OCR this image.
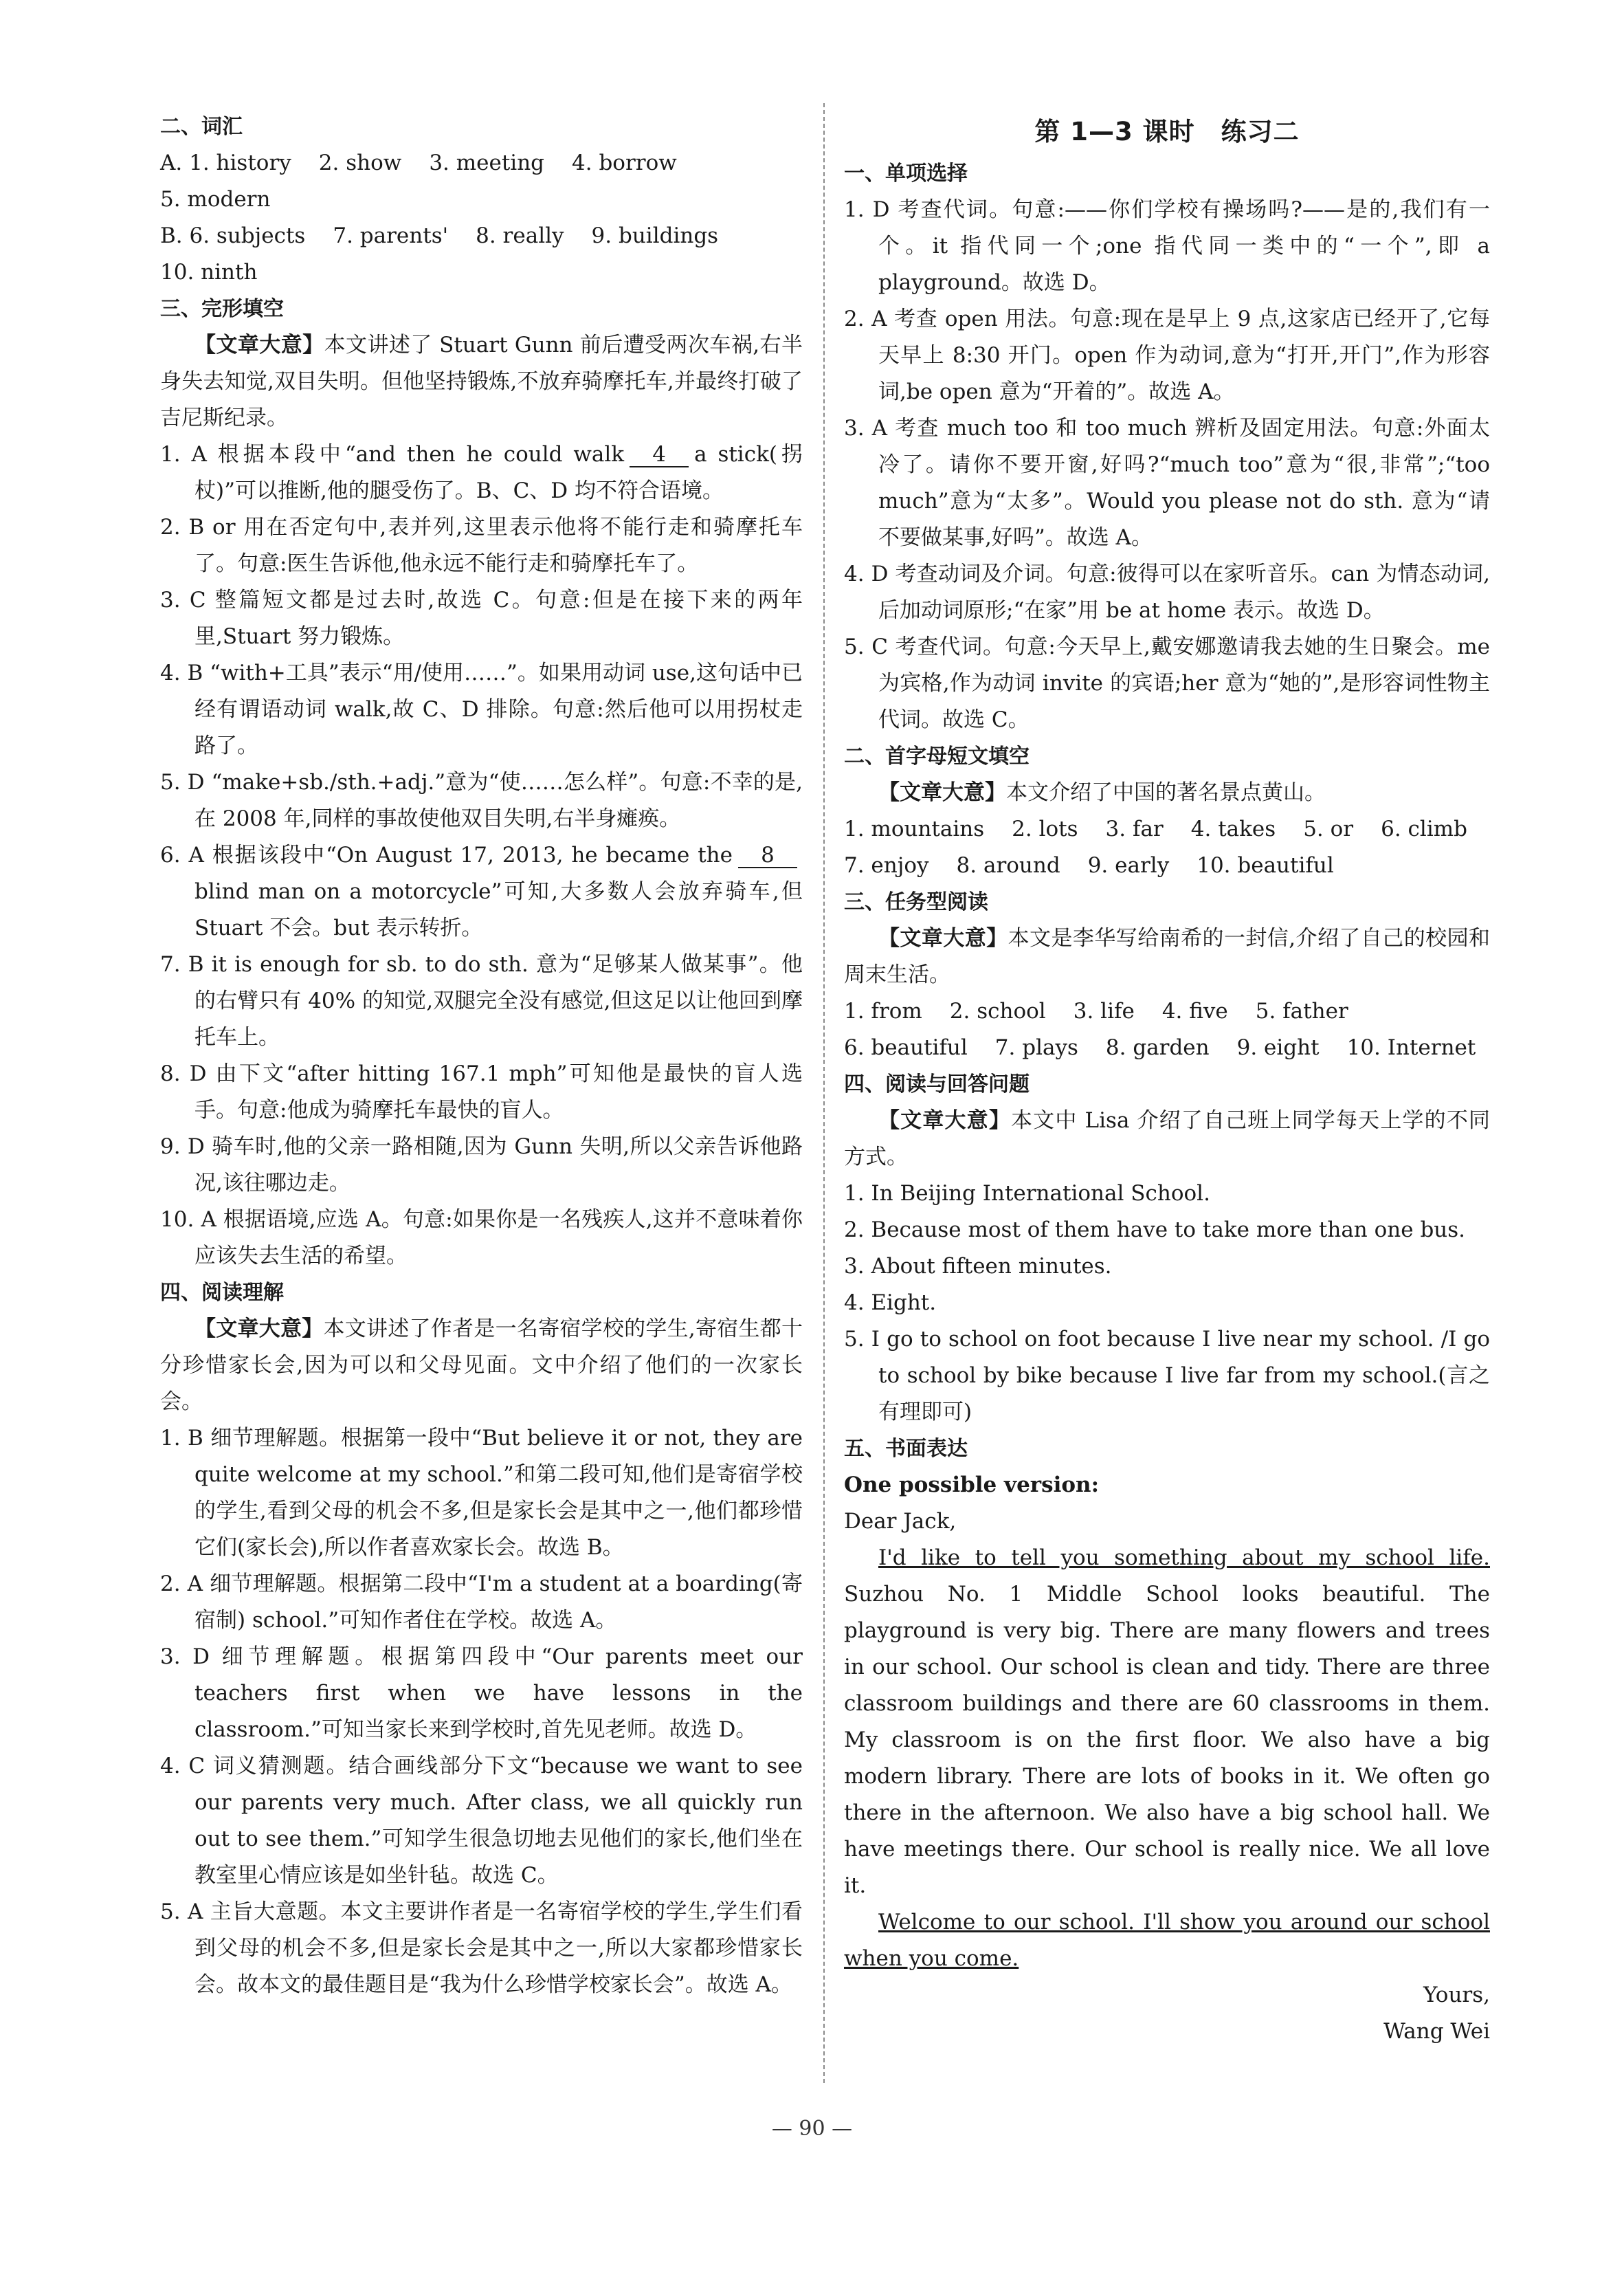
二、词汇

A. 1. history 2. show 3. meeting 4. borrow

5. modern

B. 6. subjects 7. parents' 8. really 9. buildings

10. ninth

三、完形填空

【文章大意】本文讲述了 Stuart Gunn 前后遭受两次车祸,右半身失去知觉,双目失明。但他坚持锻炼,不放弃骑摩托车,并最终打破了吉尼斯纪录。

1. A 根据本段中“and then he could walk 4 a stick(拐杖)”可以推断,他的腿受伤了。B、C、D 均不符合语境。

2. B or 用在否定句中,表并列,这里表示他将不能行走和骑摩托车了。句意:医生告诉他,他永远不能行走和骑摩托车了。

3. C 整篇短文都是过去时,故选 C。句意:但是在接下来的两年里,Stuart 努力锻炼。

4. B “with+工具”表示“用/使用……”。如果用动词 use,这句话中已经有谓语动词 walk,故 C、D 排除。句意:然后他可以用拐杖走路了。

5. D “make+sb./sth.+adj.”意为“使……怎么样”。句意:不幸的是,在 2008 年,同样的事故使他双目失明,右半身瘫痪。

6. A 根据该段中“On August 17, 2013, he became the 8blind man on a motorcycle”可知,大多数人会放弃骑车,但 Stuart 不会。but 表示转折。

7. B it is enough for sb. to do sth. 意为“足够某人做某事”。他的右臂只有 40% 的知觉,双腿完全没有感觉,但这足以让他回到摩托车上。

8. D 由下文“after hitting 167.1 mph”可知他是最快的盲人选手。句意:他成为骑摩托车最快的盲人。

9. D 骑车时,他的父亲一路相随,因为 Gunn 失明,所以父亲告诉他路况,该往哪边走。

10. A 根据语境,应选 A。句意:如果你是一名残疾人,这并不意味着你应该失去生活的希望。

四、阅读理解

【文章大意】本文讲述了作者是一名寄宿学校的学生,寄宿生都十分珍惜家长会,因为可以和父母见面。文中介绍了他们的一次家长会。

1. B 细节理解题。根据第一段中“But believe it or not, they are quite welcome at my school.”和第二段可知,他们是寄宿学校的学生,看到父母的机会不多,但是家长会是其中之一,他们都珍惜它们(家长会),所以作者喜欢家长会。故选 B。

2. A 细节理解题。根据第二段中“I'm a student at a boarding(寄宿制) school.”可知作者住在学校。故选 A。

3. D 细节理解题。根据第四段中“Our parents meet our teachers first when we have lessons in the classroom.”可知当家长来到学校时,首先见老师。故选 D。

4. C 词义猜测题。结合画线部分下文“because we want to see our parents very much. After class, we all quickly run out to see them.”可知学生很急切地去见他们的家长,他们坐在教室里心情应该是如坐针毡。故选 C。

5. A 主旨大意题。本文主要讲作者是一名寄宿学校的学生,学生们看到父母的机会不多,但是家长会是其中之一,所以大家都珍惜家长会。故本文的最佳题目是“我为什么珍惜学校家长会”。故选 A。

第 1—3 课时　练习二

一、单项选择

1. D 考查代词。句意:——你们学校有操场吗?——是的,我们有一个。it 指代同一个;one 指代同一类中的“一个”,即 a playground。故选 D。

2. A 考查 open 用法。句意:现在是早上 9 点,这家店已经开了,它每天早上 8:30 开门。open 作为动词,意为“打开,开门”,作为形容词,be open 意为“开着的”。故选 A。

3. A 考查 much too 和 too much 辨析及固定用法。句意:外面太冷了。请你不要开窗,好吗?“much too”意为“很,非常”;“too much”意为“太多”。Would you please not do sth. 意为“请不要做某事,好吗”。故选 A。

4. D 考查动词及介词。句意:彼得可以在家听音乐。can 为情态动词,后加动词原形;“在家”用 be at home 表示。故选 D。

5. C 考查代词。句意:今天早上,戴安娜邀请我去她的生日聚会。me 为宾格,作为动词 invite 的宾语;her 意为“她的”,是形容词性物主代词。故选 C。

二、首字母短文填空

【文章大意】本文介绍了中国的著名景点黄山。

1. mountains 2. lots 3. far 4. takes 5. or 6. climb

7. enjoy 8. around 9. early 10. beautiful

三、任务型阅读

【文章大意】本文是李华写给南希的一封信,介绍了自己的校园和周末生活。

1. from 2. school 3. life 4. five 5. father

6. beautiful 7. plays 8. garden 9. eight 10. Internet

四、阅读与回答问题

【文章大意】本文中 Lisa 介绍了自己班上同学每天上学的不同方式。

1. In Beijing International School.

2. Because most of them have to take more than one bus.

3. About fifteen minutes.

4. Eight.

5. I go to school on foot because I live near my school. /I go to school by bike because I live far from my school.(言之有理即可)

五、书面表达

One possible version:

Dear Jack,

I'd like to tell you something about my school life. Suzhou No. 1 Middle School looks beautiful. The playground is very big. There are many flowers and trees in our school. Our school is clean and tidy. There are three classroom buildings and there are 60 classrooms in them. My classroom is on the first floor. We also have a big modern library. There are lots of books in it. We often go there in the afternoon. We also have a big school hall. We have meetings there. Our school is really nice. We all love it.

Welcome to our school. I'll show you around our school when you come.

Yours,

Wang Wei

— 90 —
